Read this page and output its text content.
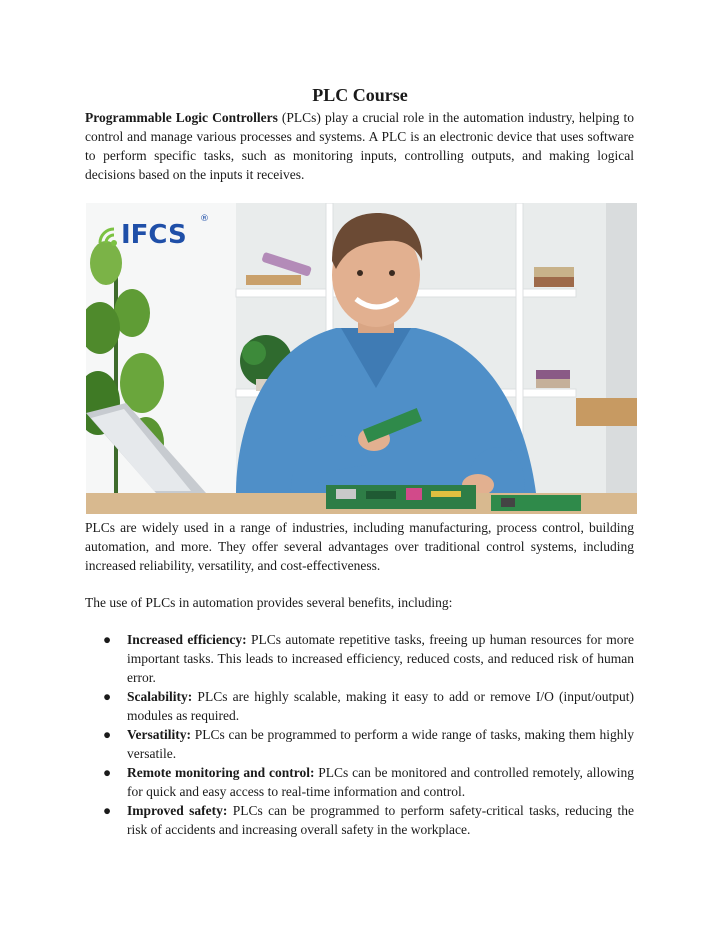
PLC Course

Programmable Logic Controllers (PLCs) play a crucial role in the automation industry, helping to control and manage various processes and systems. A PLC is an electronic device that uses software to perform specific tasks, such as monitoring inputs, controlling outputs, and making logical decisions based on the inputs it receives.

IFCS
®

PLCs are widely used in a range of industries, including manufacturing, process control, building automation, and more. They offer several advantages over traditional control systems, including increased reliability, versatility, and cost-effectiveness.

The use of PLCs in automation provides several benefits, including:

● Increased efficiency: PLCs automate repetitive tasks, freeing up human resources for more important tasks. This leads to increased efficiency, reduced costs, and reduced risk of human error.
● Scalability: PLCs are highly scalable, making it easy to add or remove I/O (input/output) modules as required.
● Versatility: PLCs can be programmed to perform a wide range of tasks, making them highly versatile.
● Remote monitoring and control: PLCs can be monitored and controlled remotely, allowing for quick and easy access to real-time information and control.
● Improved safety: PLCs can be programmed to perform safety-critical tasks, reducing the risk of accidents and increasing overall safety in the workplace.
